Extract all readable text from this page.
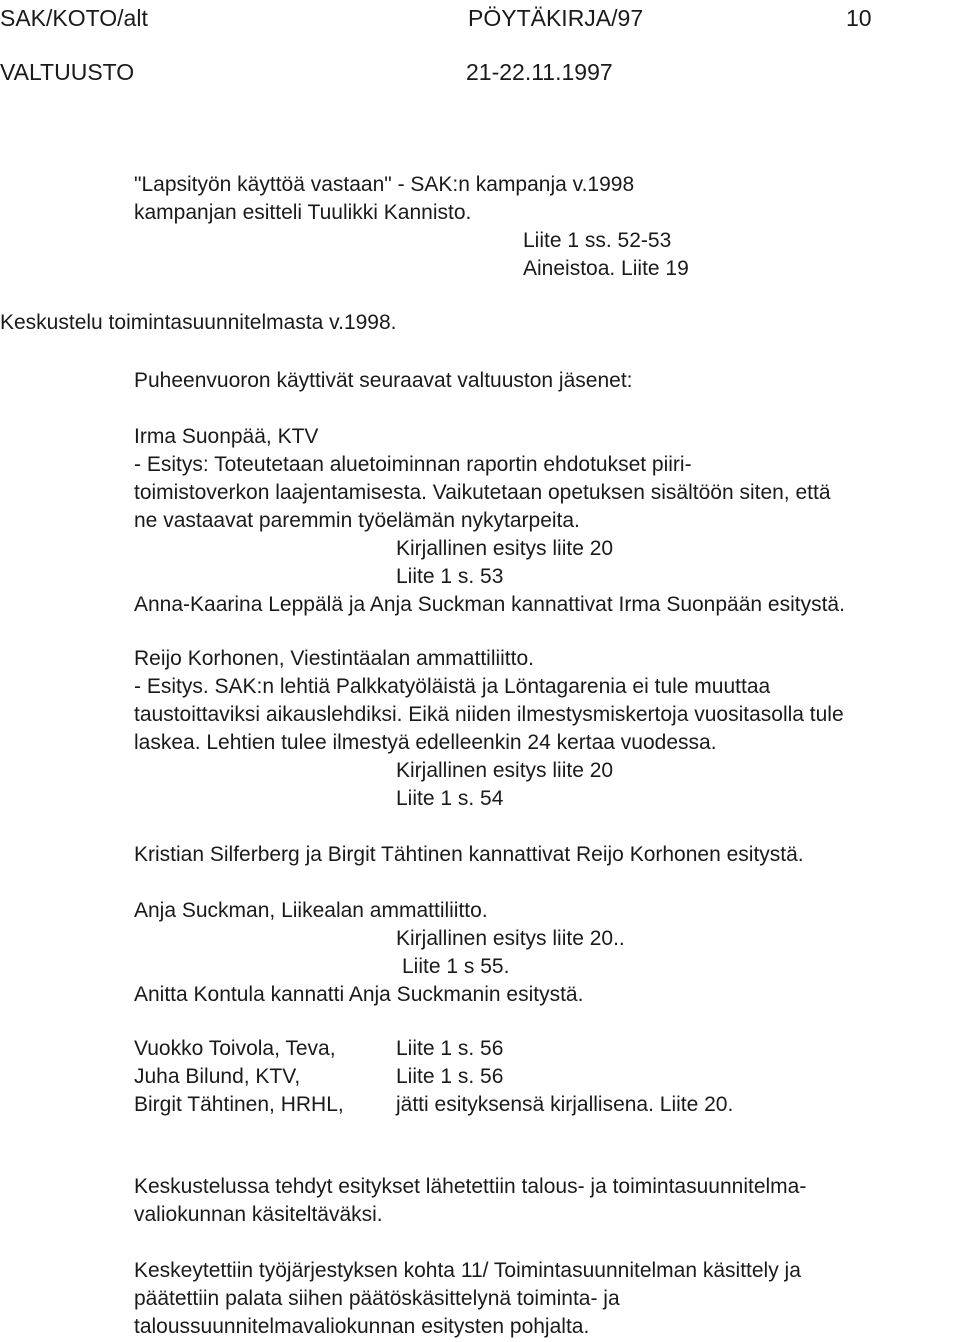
SAK/KOTO/alt	PÖYTÄKIRJA/97	10
VALTUUSTO	21-22.11.1997
"Lapsityön käyttöä vastaan" - SAK:n kampanja v.1998
kampanjan esitteli Tuulikki Kannisto.
Liite 1 ss. 52-53
Aineistoa. Liite 19
Keskustelu toimintasuunnitelmasta v.1998.
Puheenvuoron käyttivät seuraavat valtuuston jäsenet:
Irma Suonpää, KTV
- Esitys: Toteutetaan aluetoiminnan raportin ehdotukset piiri-
toimistoverkon laajentamisesta. Vaikutetaan opetuksen sisältöön siten, että
ne vastaavat paremmin työelämän nykytarpeita.
Kirjallinen esitys liite 20
Liite 1 s. 53
Anna-Kaarina Leppälä ja Anja Suckman kannattivat Irma Suonpään esitystä.
Reijo Korhonen, Viestintäalan ammattiliitto.
- Esitys. SAK:n lehtiä Palkkatyöläistä ja Löntagarenia ei tule muuttaa
taustoittaviksi aikauslehdiksi. Eikä niiden ilmestysmiskertoja vuositasolla tule
laskea. Lehtien tulee ilmestyä edelleenkin 24 kertaa vuodessa.
Kirjallinen esitys liite 20
Liite 1 s. 54
Kristian Silferberg ja Birgit Tähtinen kannattivat Reijo Korhonen esitystä.
Anja Suckman, Liikealan ammattiliitto.
Kirjallinen esitys liite 20..
Liite 1 s 55.
Anitta Kontula kannatti Anja Suckmanin esitystä.
Vuokko Toivola, Teva,	Liite 1 s. 56
Juha Bilund, KTV,	Liite 1 s. 56
Birgit Tähtinen, HRHL, jätti esityksensä kirjallisena. Liite 20.
Keskustelussa tehdyt esitykset lähetettiin talous- ja toimintasuunnitelma-
valiokunnan käsiteltäväksi.
Keskeytettiin työjärjestyksen kohta 11/ Toimintasuunnitelman käsittely ja
päätettiin palata siihen päätöskäsittelynä toiminta- ja
taloussuunnitelmavaliokunnan esitysten pohjalta.
